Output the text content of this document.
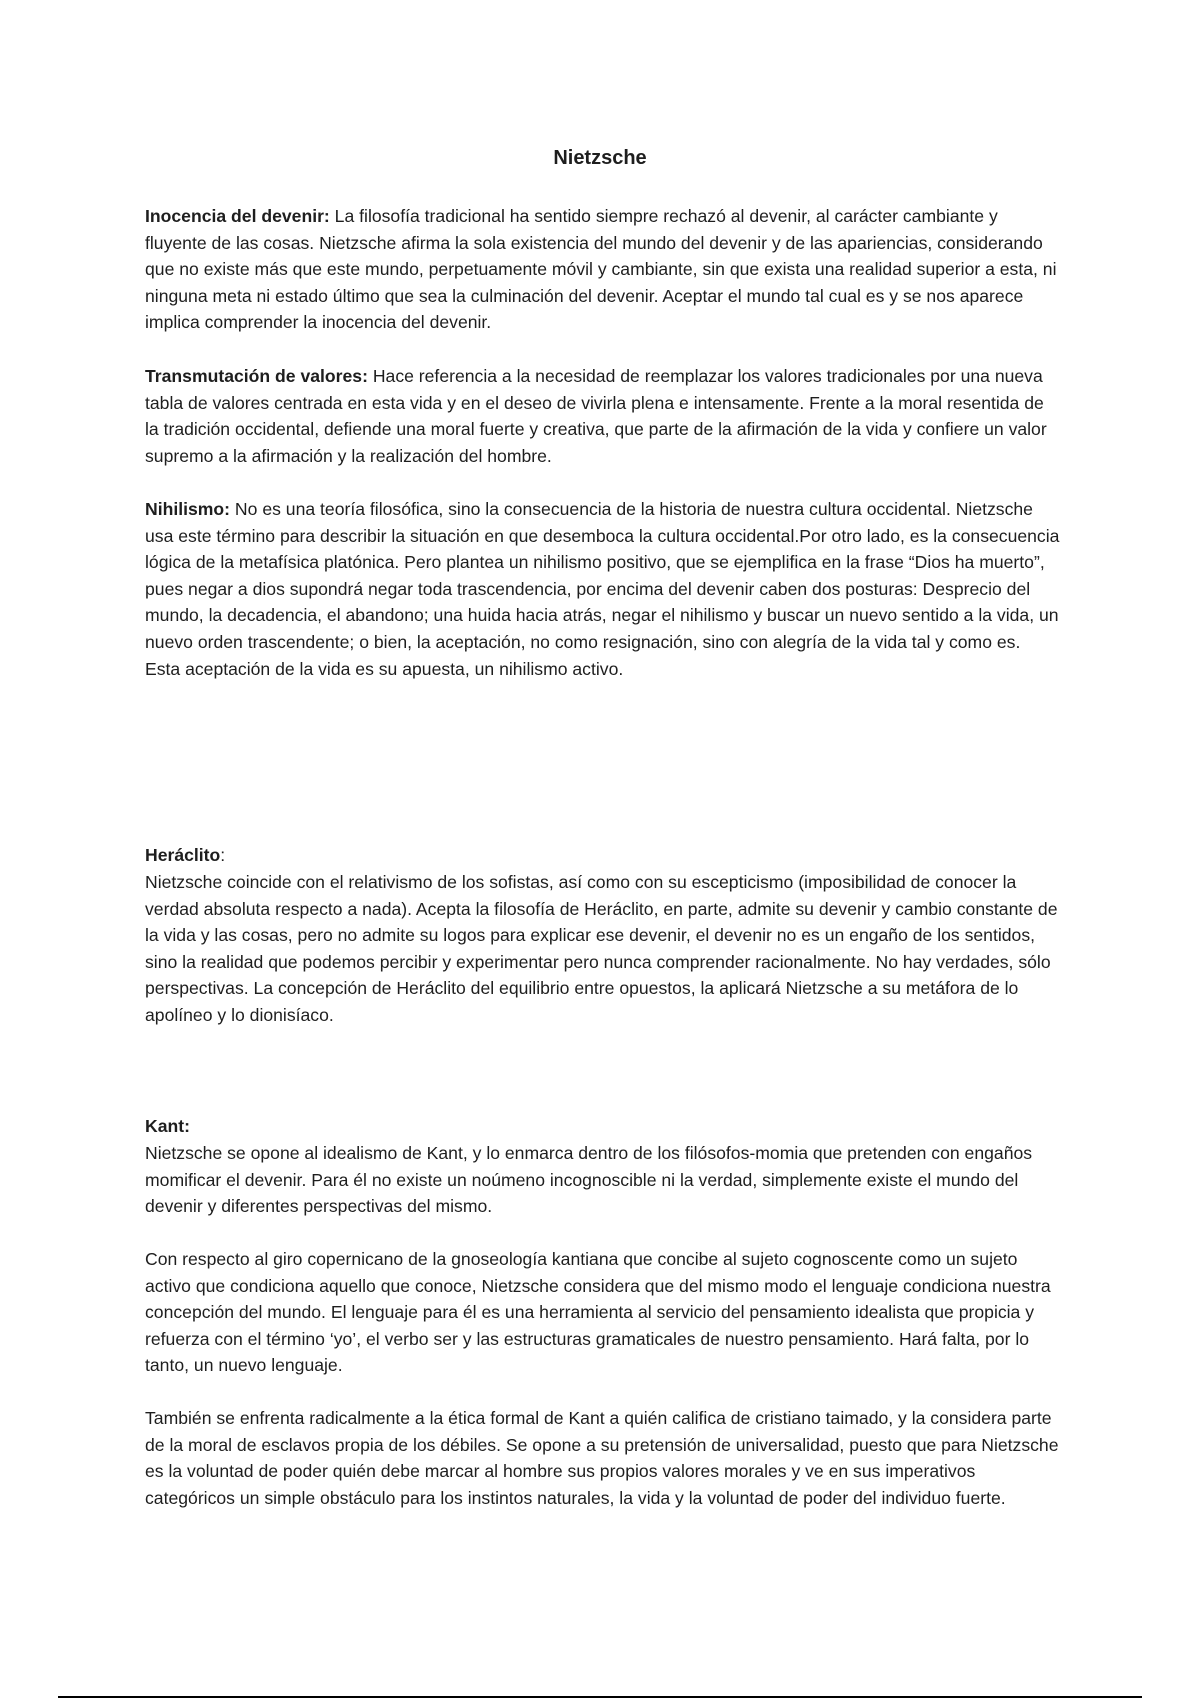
Nietzsche

Inocencia del devenir: La filosofía tradicional ha sentido siempre rechazó al devenir, al carácter cambiante y fluyente de las cosas. Nietzsche afirma la sola existencia del mundo del devenir y de las apariencias, considerando que no existe más que este mundo, perpetuamente móvil y cambiante, sin que exista una realidad superior a esta, ni ninguna meta ni estado último que sea la culminación del devenir. Aceptar el mundo tal cual es y se nos aparece implica comprender la inocencia del devenir.

Transmutación de valores: Hace referencia a la necesidad de reemplazar los valores tradicionales por una nueva tabla de valores centrada en esta vida y en el deseo de vivirla plena e intensamente. Frente a la moral resentida de la tradición occidental, defiende una moral fuerte y creativa, que parte de la afirmación de la vida y confiere un valor supremo a la afirmación y la realización del hombre.

Nihilismo: No es una teoría filosófica, sino la consecuencia de la historia de nuestra cultura occidental. Nietzsche usa este término para describir la situación en que desemboca la cultura occidental.Por otro lado, es la consecuencia lógica de la metafísica platónica. Pero plantea un nihilismo positivo, que se ejemplifica en la frase “Dios ha muerto”, pues negar a dios supondrá negar toda trascendencia, por encima del devenir caben dos posturas: Desprecio del mundo, la decadencia, el abandono; una huida hacia atrás, negar el nihilismo y buscar un nuevo sentido a la vida, un nuevo orden trascendente; o bien, la aceptación, no como resignación, sino con alegría de la vida tal y como es. Esta aceptación de la vida es su apuesta, un nihilismo activo.

Heráclito:

Nietzsche coincide con el relativismo de los sofistas, así como con su escepticismo (imposibilidad de conocer la verdad absoluta respecto a nada). Acepta la filosofía de Heráclito, en parte, admite su devenir y cambio constante de la vida y las cosas, pero no admite su logos para explicar ese devenir, el devenir no es un engaño de los sentidos, sino la realidad que podemos percibir y experimentar pero nunca comprender racionalmente. No hay verdades, sólo perspectivas. La concepción de Heráclito del equilibrio entre opuestos, la aplicará Nietzsche a su metáfora de lo apolíneo y lo dionisíaco.

Kant:

Nietzsche se opone al idealismo de Kant, y lo enmarca dentro de los filósofos-momia que pretenden con engaños momificar el devenir. Para él no existe un noúmeno incognoscible ni la verdad, simplemente existe el mundo del devenir y diferentes perspectivas del mismo.

Con respecto al giro copernicano de la gnoseología kantiana que concibe al sujeto cognoscente como un sujeto activo que condiciona aquello que conoce, Nietzsche considera que del mismo modo el lenguaje condiciona nuestra concepción del mundo. El lenguaje para él es una herramienta al servicio del pensamiento idealista que propicia y refuerza con el término ‘yo’, el verbo ser y las estructuras gramaticales de nuestro pensamiento. Hará falta, por lo tanto, un nuevo lenguaje.

También se enfrenta radicalmente a la ética formal de Kant a quién califica de cristiano taimado, y la considera parte de la moral de esclavos propia de los débiles. Se opone a su pretensión de universalidad, puesto que para Nietzsche es la voluntad de poder quién debe marcar al hombre sus propios valores morales y ve en sus imperativos categóricos un simple obstáculo para los instintos naturales, la vida y la voluntad de poder del individuo fuerte.
